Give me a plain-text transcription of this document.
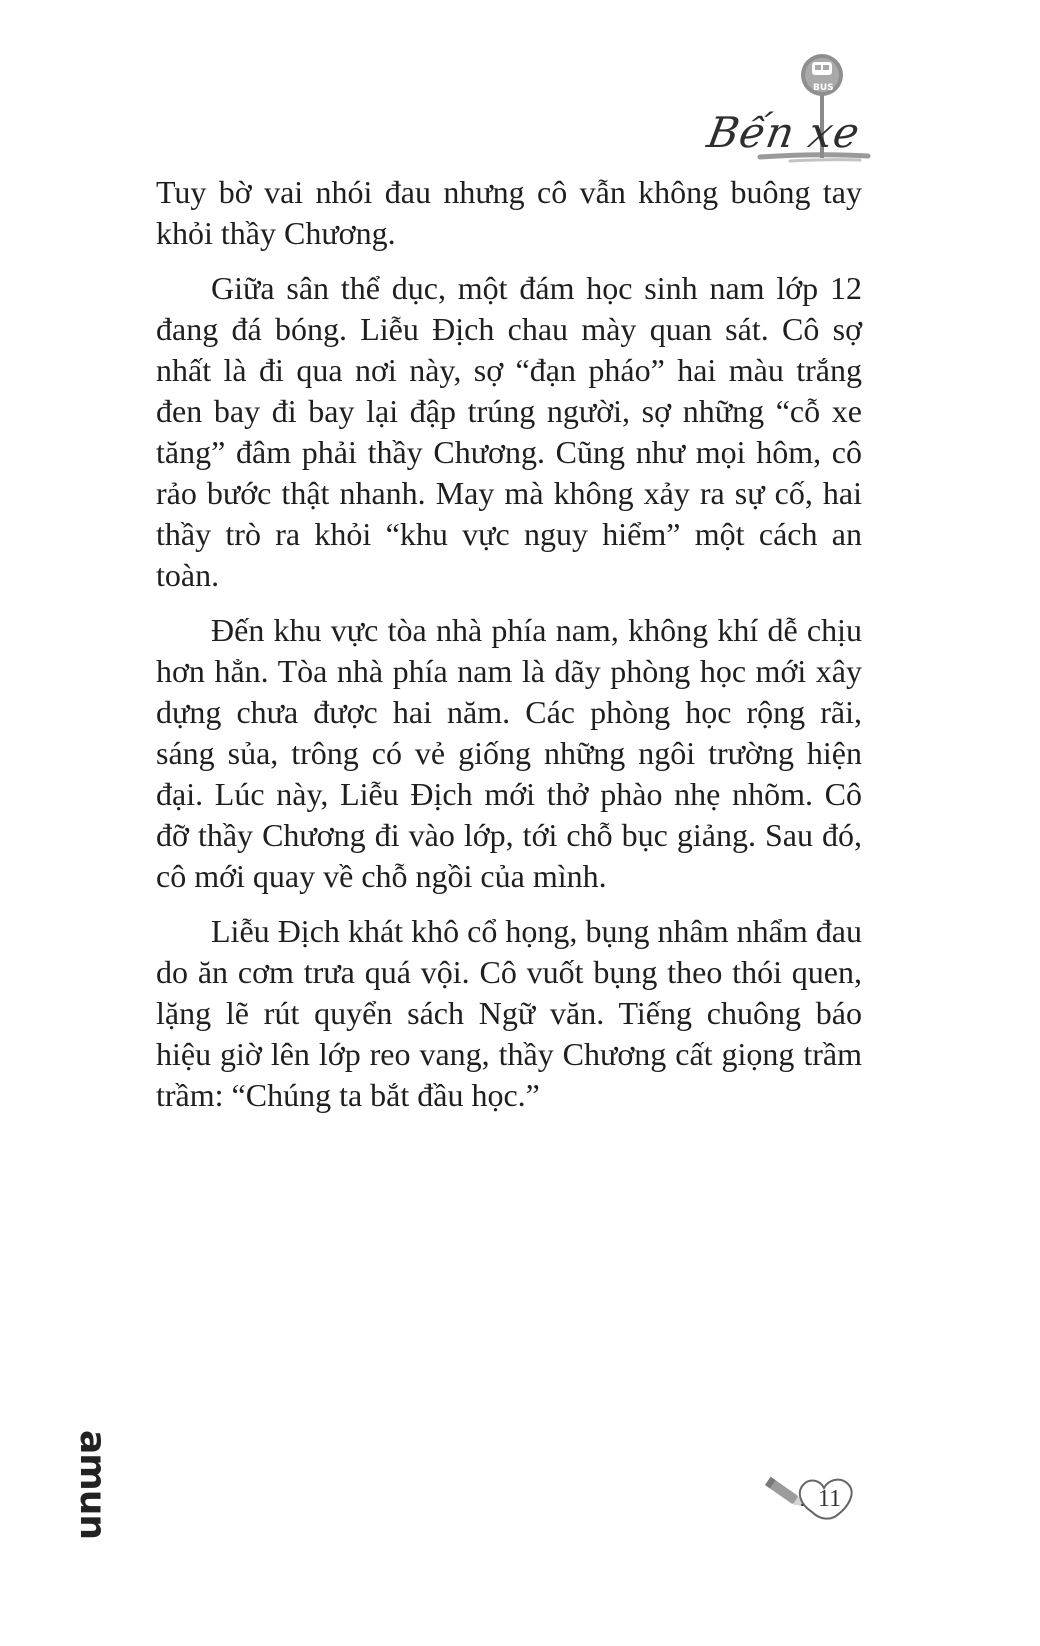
BUS
Bến xe

Tuy bờ vai nhói đau nhưng cô vẫn không buông tay khỏi thầy Chương.

Giữa sân thể dục, một đám học sinh nam lớp 12 đang đá bóng. Liễu Địch chau mày quan sát. Cô sợ nhất là đi qua nơi này, sợ “đạn pháo” hai màu trắng đen bay đi bay lại đập trúng người, sợ những “cỗ xe tăng” đâm phải thầy Chương. Cũng như mọi hôm, cô rảo bước thật nhanh. May mà không xảy ra sự cố, hai thầy trò ra khỏi “khu vực nguy hiểm” một cách an toàn.

Đến khu vực tòa nhà phía nam, không khí dễ chịu hơn hẳn. Tòa nhà phía nam là dãy phòng học mới xây dựng chưa được hai năm. Các phòng học rộng rãi, sáng sủa, trông có vẻ giống những ngôi trường hiện đại. Lúc này, Liễu Địch mới thở phào nhẹ nhõm. Cô đỡ thầy Chương đi vào lớp, tới chỗ bục giảng. Sau đó, cô mới quay về chỗ ngồi của mình.

Liễu Địch khát khô cổ họng, bụng nhâm nhẩm đau do ăn cơm trưa quá vội. Cô vuốt bụng theo thói quen, lặng lẽ rút quyển sách Ngữ văn. Tiếng chuông báo hiệu giờ lên lớp reo vang, thầy Chương cất giọng trầm trầm: “Chúng ta bắt đầu học.”

amun	11
